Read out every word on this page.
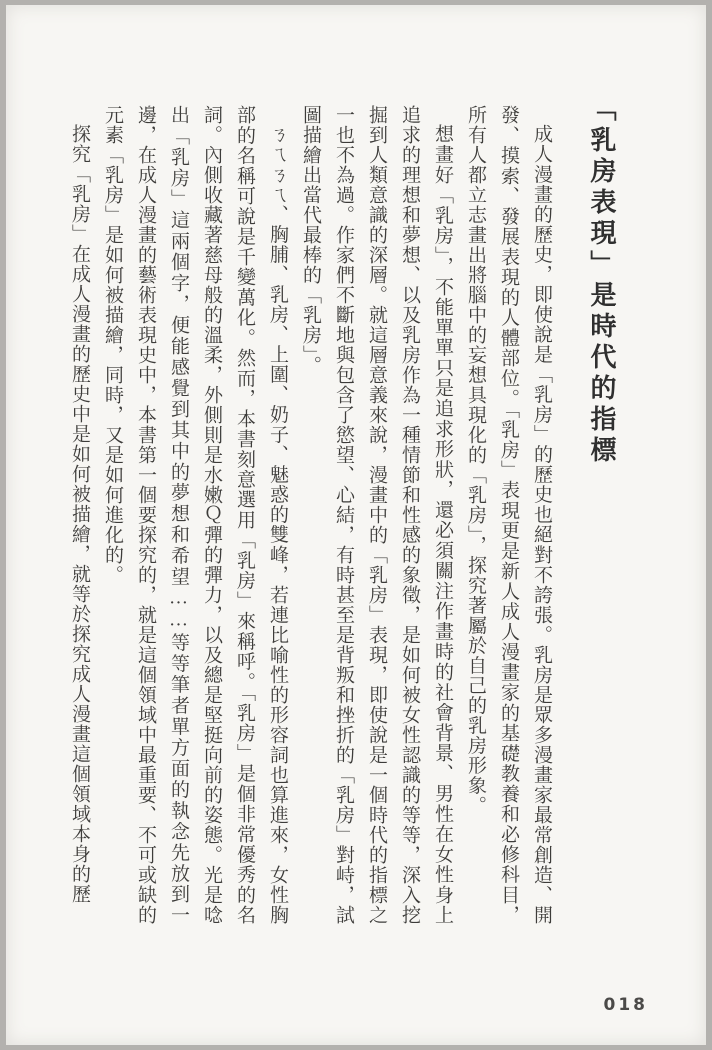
「乳房表現」是時代的指標

成人漫畫的歷史，即使說是「乳房」的歷史也絕對不誇張。乳房是眾多漫畫家最常創造、開發、摸索、發展表現的人體部位。「乳房」表現更是新人成人漫畫家的基礎教養和必修科目，所有人都立志畫出將腦中的妄想具現化的「乳房」，探究著屬於自己的乳房形象。

想畫好「乳房」，不能單單只是追求形狀，還必須關注作畫時的社會背景、男性在女性身上追求的理想和夢想、以及乳房作為一種情節和性感的象徵，是如何被女性認識的等等，深入挖掘到人類意識的深層。就這層意義來說，漫畫中的「乳房」表現，即使說是一個時代的指標之一也不為過。作家們不斷地與包含了慾望、心結，有時甚至是背叛和挫折的「乳房」對峙，試圖描繪出當代最棒的「乳房」。

ㄋㄟㄋㄟ、胸脯、乳房、上圍、奶子、魅惑的雙峰，若連比喻性的形容詞也算進來，女性胸部的名稱可說是千變萬化。然而，本書刻意選用「乳房」來稱呼。「乳房」是個非常優秀的名詞。內側收藏著慈母般的溫柔，外側則是水嫩Ｑ彈的彈力，以及總是堅挺向前的姿態。光是唸出「乳房」這兩個字，便能感覺到其中的夢想和希望……等等筆者單方面的執念先放到一邊，在成人漫畫的藝術表現史中，本書第一個要探究的，就是這個領域中最重要、不可或缺的元素「乳房」是如何被描繪，同時，又是如何進化的。

探究「乳房」在成人漫畫的歷史中是如何被描繪，就等於探究成人漫畫這個領域本身的歷

018
